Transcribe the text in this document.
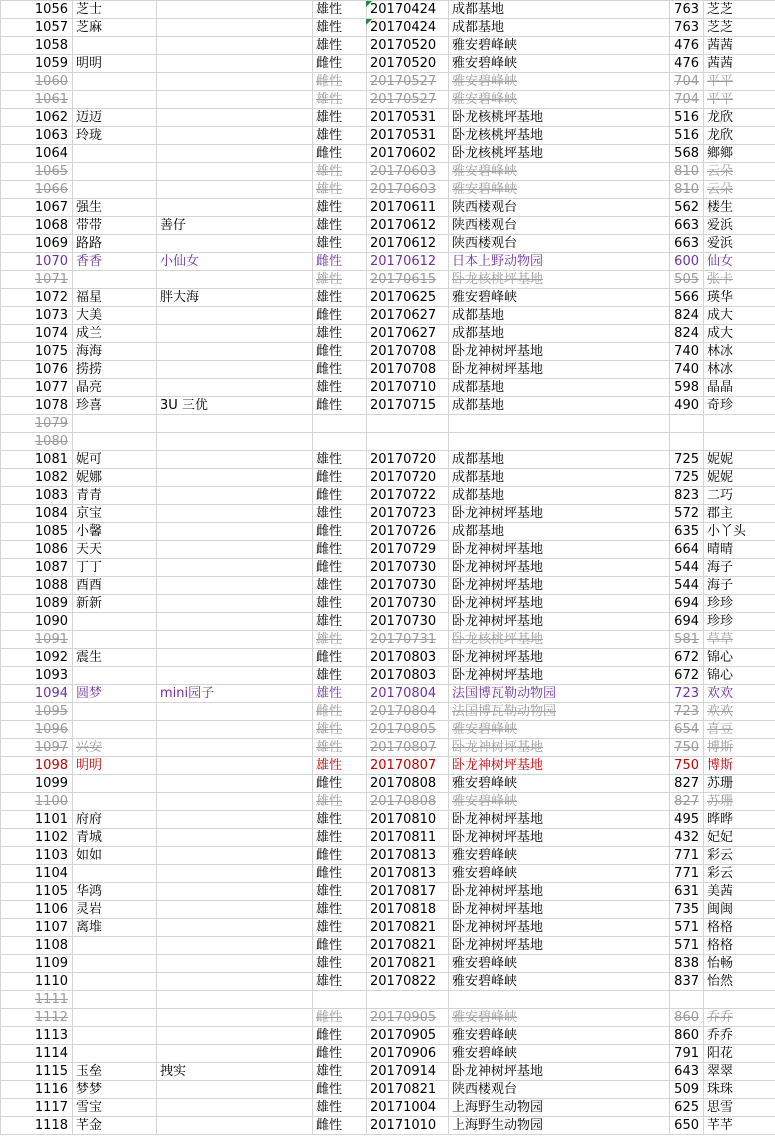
1056	芝士		雄性	20170424	成都基地	763	芝芝
1057	芝麻		雄性	20170424	成都基地	763	芝芝
1058			雄性	20170520	雅安碧峰峡	476	茜茜
1059	明明		雌性	20170520	雅安碧峰峡	476	茜茜
1060			雌性	20170527	雅安碧峰峡	704	平平
1061			雄性	20170527	雅安碧峰峡	704	平平
1062	迈迈		雄性	20170531	卧龙核桃坪基地	516	龙欣
1063	玲珑		雄性	20170531	卧龙核桃坪基地	516	龙欣
1064			雌性	20170602	卧龙核桃坪基地	568	鄉鄉
1065			雄性	20170603	雅安碧峰峡	810	云朵
1066			雄性	20170603	雅安碧峰峡	810	云朵
1067	强生		雄性	20170611	陕西楼观台	562	楼生
1068	带带	善仔	雄性	20170612	陕西楼观台	663	爱浜
1069	路路		雄性	20170612	陕西楼观台	663	爱浜
1070	香香	小仙女	雌性	20170612	日本上野动物园	600	仙女
1071			雄性	20170615	卧龙核桃坪基地	505	张卡
1072	福星	胖大海	雄性	20170625	雅安碧峰峡	566	瑛华
1073	大美		雌性	20170627	成都基地	824	成大
1074	成兰		雄性	20170627	成都基地	824	成大
1075	海海		雌性	20170708	卧龙神树坪基地	740	林冰
1076	捞捞		雌性	20170708	卧龙神树坪基地	740	林冰
1077	晶亮		雄性	20170710	成都基地	598	晶晶
1078	珍喜	3U 三优	雌性	20170715	成都基地	490	奇珍
1079							
1080							
1081	妮可		雄性	20170720	成都基地	725	妮妮
1082	妮娜		雌性	20170720	成都基地	725	妮妮
1083	青青		雌性	20170722	成都基地	823	二巧
1084	京宝		雄性	20170723	卧龙神树坪基地	572	郡主
1085	小馨		雌性	20170726	成都基地	635	小丫头
1086	天天		雌性	20170729	卧龙神树坪基地	664	晴晴
1087	丁丁		雌性	20170730	卧龙神树坪基地	544	海子
1088	酉酉		雄性	20170730	卧龙神树坪基地	544	海子
1089	新新		雄性	20170730	卧龙神树坪基地	694	珍珍
1090			雄性	20170730	卧龙神树坪基地	694	珍珍
1091			雄性	20170731	卧龙核桃坪基地	581	草草
1092	震生		雌性	20170803	卧龙神树坪基地	672	锦心
1093			雄性	20170803	卧龙神树坪基地	672	锦心
1094	圆梦	mini园子	雄性	20170804	法国博瓦勒动物园	723	欢欢
1095			雌性	20170804	法国博瓦勒动物园	723	欢欢
1096			雄性	20170805	雅安碧峰峡	654	喜豆
1097	兴安		雄性	20170807	卧龙神树坪基地	750	博斯
1098	明明		雄性	20170807	卧龙神树坪基地	750	博斯
1099			雌性	20170808	雅安碧峰峡	827	苏珊
1100			雄性	20170808	雅安碧峰峡	827	苏珊
1101	府府		雄性	20170810	卧龙神树坪基地	495	晔晔
1102	青城		雄性	20170811	卧龙神树坪基地	432	妃妃
1103	如如		雌性	20170813	雅安碧峰峡	771	彩云
1104			雌性	20170813	雅安碧峰峡	771	彩云
1105	华鸿		雄性	20170817	卧龙神树坪基地	631	美茜
1106	灵岩		雄性	20170818	卧龙神树坪基地	735	闽闽
1107	离堆		雄性	20170821	卧龙神树坪基地	571	格格
1108			雌性	20170821	卧龙神树坪基地	571	格格
1109			雄性	20170821	雅安碧峰峡	838	怡畅
1110			雄性	20170822	雅安碧峰峡	837	怡然
1111							
1112			雌性	20170905	雅安碧峰峡	860	乔乔
1113			雌性	20170905	雅安碧峰峡	860	乔乔
1114			雌性	20170906	雅安碧峰峡	791	阳花
1115	玉垒	拽实	雄性	20170914	卧龙神树坪基地	643	翠翠
1116	梦梦		雌性	20170821	陕西楼观台	509	珠珠
1117	雪宝		雄性	20171004	上海野生动物园	625	思雪
1118	芊金		雌性	20171010	上海野生动物园	650	芊芊
